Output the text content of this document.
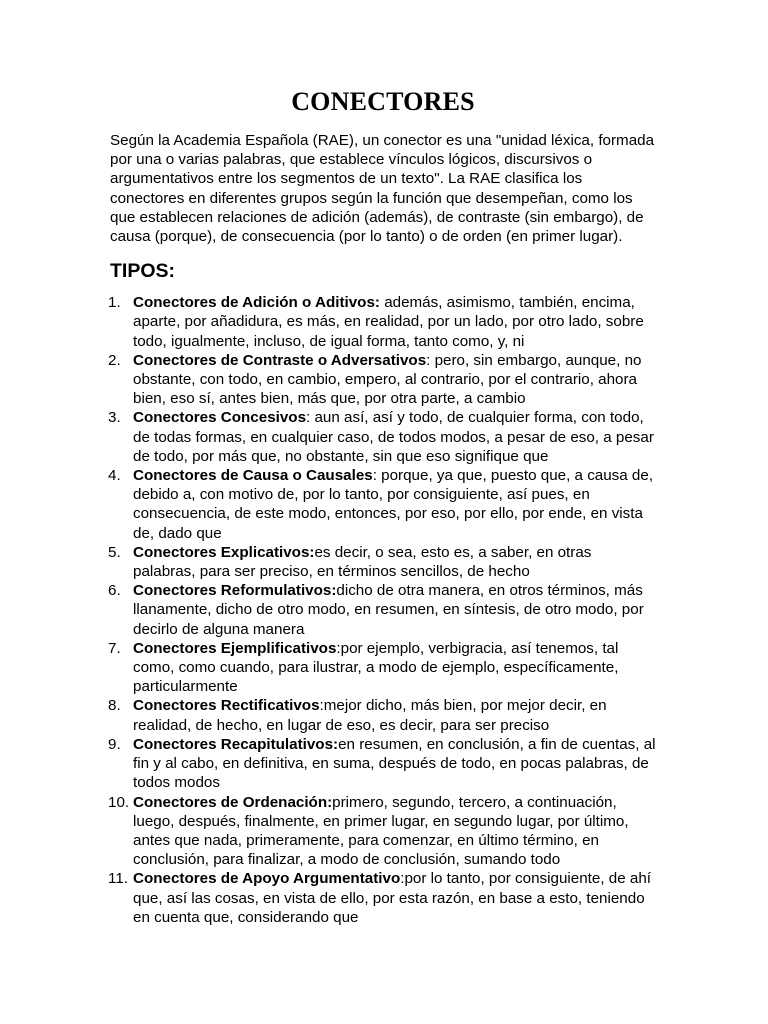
CONECTORES

Según la Academia Española (RAE), un conector es una "unidad léxica, formada por una o varias palabras, que establece vínculos lógicos, discursivos o argumentativos entre los segmentos de un texto". La RAE clasifica los conectores en diferentes grupos según la función que desempeñan, como los que establecen relaciones de adición (además), de contraste (sin embargo), de causa (porque), de consecuencia (por lo tanto) o de orden (en primer lugar).

TIPOS:
1. Conectores de Adición o Aditivos: además, asimismo, también, encima, aparte, por añadidura, es más, en realidad, por un lado, por otro lado, sobre todo, igualmente, incluso, de igual forma, tanto como, y, ni
2. Conectores de Contraste o Adversativos: pero, sin embargo, aunque, no obstante, con todo, en cambio, empero, al contrario, por el contrario, ahora bien, eso sí, antes bien, más que, por otra parte, a cambio
3. Conectores Concesivos: aun así, así y todo, de cualquier forma, con todo, de todas formas, en cualquier caso, de todos modos, a pesar de eso, a pesar de todo, por más que, no obstante, sin que eso signifique que
4. Conectores de Causa o Causales: porque, ya que, puesto que, a causa de, debido a, con motivo de, por lo tanto, por consiguiente, así pues, en consecuencia, de este modo, entonces, por eso, por ello, por ende, en vista de, dado que
5. Conectores Explicativos:es decir, o sea, esto es, a saber, en otras palabras, para ser preciso, en términos sencillos, de hecho
6. Conectores Reformulativos:dicho de otra manera, en otros términos, más llanamente, dicho de otro modo, en resumen, en síntesis, de otro modo, por decirlo de alguna manera
7. Conectores Ejemplificativos:por ejemplo, verbigracia, así tenemos, tal como, como cuando, para ilustrar, a modo de ejemplo, específicamente, particularmente
8. Conectores Rectificativos:mejor dicho, más bien, por mejor decir, en realidad, de hecho, en lugar de eso, es decir, para ser preciso
9. Conectores Recapitulativos:en resumen, en conclusión, a fin de cuentas, al fin y al cabo, en definitiva, en suma, después de todo, en pocas palabras, de todos modos
10. Conectores de Ordenación:primero, segundo, tercero, a continuación, luego, después, finalmente, en primer lugar, en segundo lugar, por último, antes que nada, primeramente, para comenzar, en último término, en conclusión, para finalizar, a modo de conclusión, sumando todo
11. Conectores de Apoyo Argumentativo:por lo tanto, por consiguiente, de ahí que, así las cosas, en vista de ello, por esta razón, en base a esto, teniendo en cuenta que, considerando que
